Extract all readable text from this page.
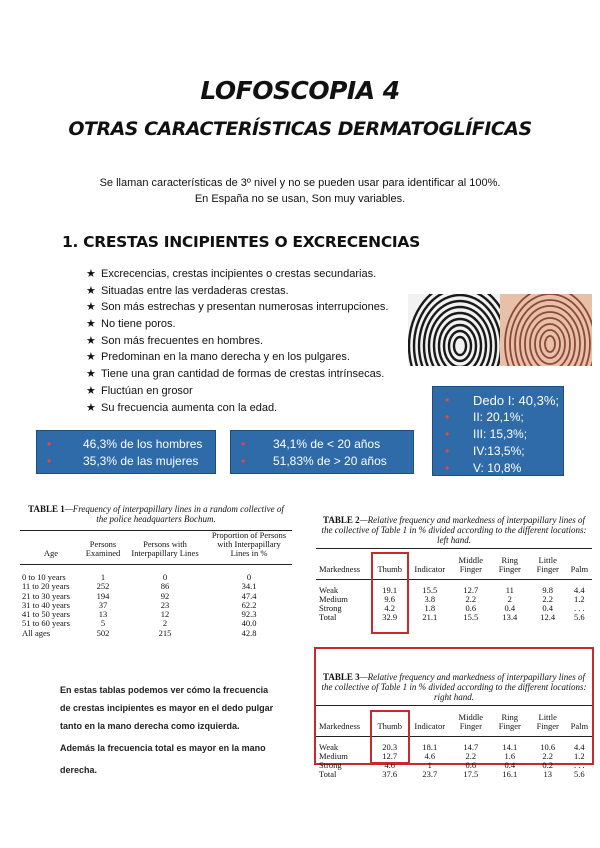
LOFOSCOPIA 4
OTRAS CARACTERÍSTICAS DERMATOGLÍFICAS
Se llaman características de 3º nivel y no se pueden usar para identificar al 100%.
En España no se usan, Son muy variables.
1. CRESTAS INCIPIENTES O EXCRECENCIAS
★ Excrecencias, crestas incipientes o crestas secundarias.
★ Situadas entre las verdaderas crestas.
★ Son más estrechas y presentan numerosas interrupciones.
★ No tiene poros.
★ Son más frecuentes en hombres.
★ Predominan en la mano derecha y en los pulgares.
★ Tiene una gran cantidad de formas de crestas intrínsecas.
★ Fluctúan en grosor
★ Su frecuencia aumenta con la edad.
•	46,3% de los hombres
•	35,3% de las mujeres
• 34,1% de < 20 años
• 51,83% de > 20 años
• Dedo I: 40,3%;
• II: 20,1%;
• III: 15,3%;
• IV:13,5%;
• V: 10,8%
TABLE 1—Frequency of interpapillary lines in a random collective of
the police headquarters Bochum.
Age	Persons Examined	Persons with Interpapillary Lines	Proportion of Persons with Interpapillary Lines in %

0 to 10 years	1	0	0
11 to 20 years	252	86	34.1
21 to 30 years	194	92	47.4
31 to 40 years	37	23	62.2
41 to 50 years	13	12	92.3
51 to 60 years	5	2	40.0
All ages	502	215	42.8
TABLE 2—Relative frequency and markedness of interpapillary lines of
the collective of Table 1 in % divided according to the different locations:
left hand.
Markedness	Thumb	Indicator	Middle Finger	Ring Finger	Little Finger	Palm

Weak	19.1	15.5	12.7	11	9.8	4.4
Medium	9.6	3.8	2.2	2	2.2	1.2
Strong	4.2	1.8	0.6	0.4	0.4	. . .
Total	32.9	21.1	15.5	13.4	12.4	5.6
TABLE 3—Relative frequency and markedness of interpapillary lines of
the collective of Table 1 in % divided according to the different locations:
right hand.
Markedness	Thumb	Indicator	Middle Finger	Ring Finger	Little Finger	Palm

Weak	20.3	18.1	14.7	14.1	10.6	4.4
Medium	12.7	4.6	2.2	1.6	2.2	1.2
Strong	4.6	1	0.6	0.4	0.2	. . .
Total	37.6	23.7	17.5	16.1	13	5.6

En estas tablas podemos ver cómo la frecuencia

de crestas incipientes es mayor en el dedo pulgar

tanto en la mano derecha como izquierda.

Además la frecuencia total es mayor en la mano

derecha.
